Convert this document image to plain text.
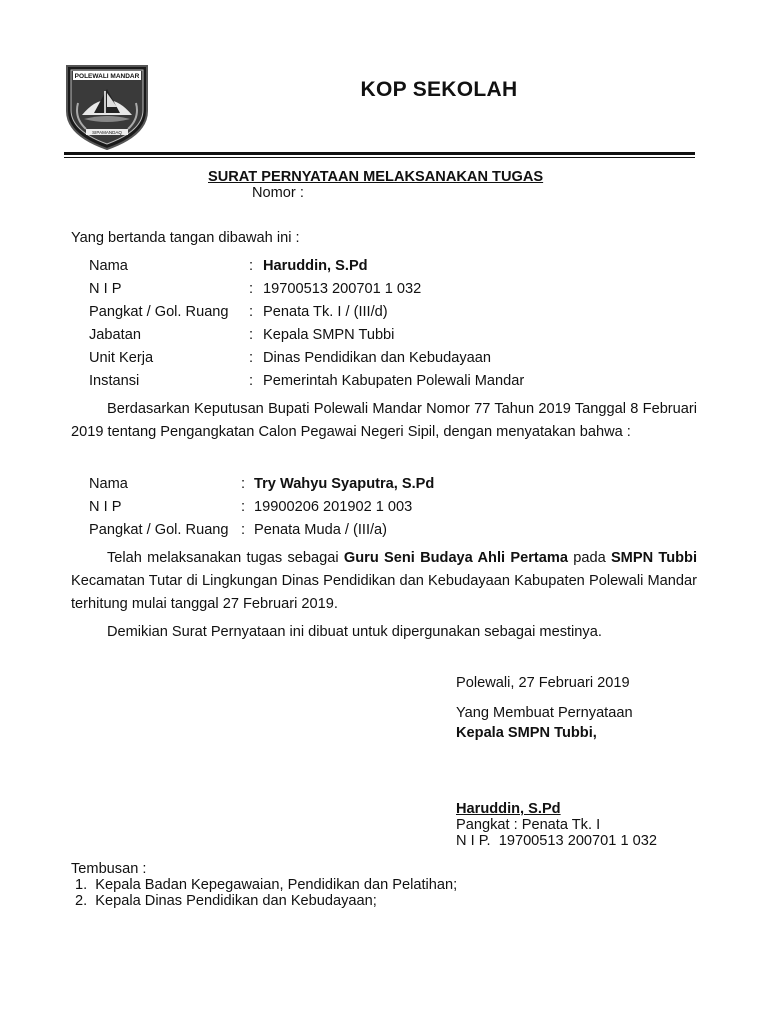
POLEWALI MANDAR
SIPAMANDAQ
KOP SEKOLAH
SURAT PERNYATAAN MELAKSANAKAN TUGAS
Nomor :
Yang bertanda tangan dibawah ini :
Nama	: Haruddin, S.Pd
N I P	: 19700513 200701 1 032
Pangkat / Gol. Ruang : Penata Tk. I / (III/d)
Jabatan	: Kepala SMPN Tubbi
Unit Kerja	: Dinas Pendidikan dan Kebudayaan
Instansi	: Pemerintah Kabupaten Polewali Mandar
Berdasarkan Keputusan Bupati Polewali Mandar Nomor 77 Tahun 2019 Tanggal 8 Februari 2019 tentang Pengangkatan Calon Pegawai Negeri Sipil, dengan menyatakan bahwa :
Nama	: Try Wahyu Syaputra, S.Pd
N I P	: 19900206 201902 1 003
Pangkat / Gol. Ruang : Penata Muda / (III/a)
Telah melaksanakan tugas sebagai Guru Seni Budaya Ahli Pertama pada SMPN Tubbi Kecamatan Tutar di Lingkungan Dinas Pendidikan dan Kebudayaan Kabupaten Polewali Mandar terhitung mulai tanggal 27 Februari 2019.
Demikian Surat Pernyataan ini dibuat untuk dipergunakan sebagai mestinya.
Polewali, 27 Februari 2019
Yang Membuat Pernyataan
Kepala SMPN Tubbi,
Haruddin, S.Pd
Pangkat : Penata Tk. I
N I P.  19700513 200701 1 032
Tembusan :
1.  Kepala Badan Kepegawaian, Pendidikan dan Pelatihan;
2.  Kepala Dinas Pendidikan dan Kebudayaan;
